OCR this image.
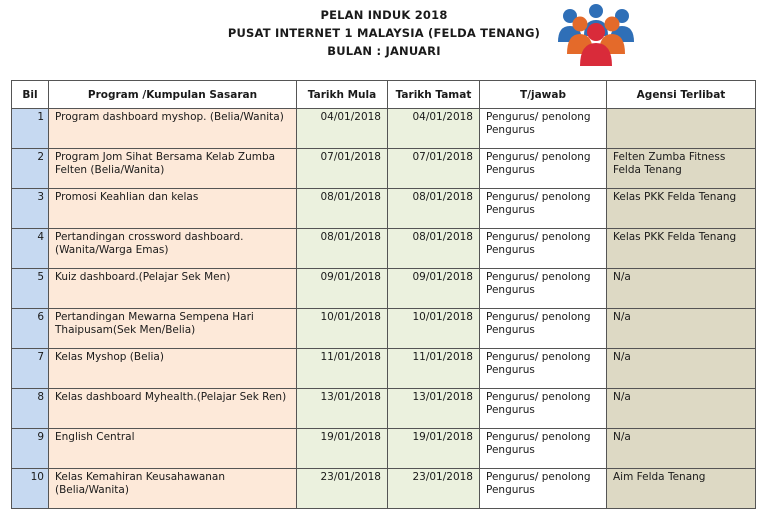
PELAN INDUK 2018
PUSAT INTERNET 1 MALAYSIA (FELDA TENANG)
BULAN : JANUARI
Bil	Program /Kumpulan Sasaran	Tarikh Mula	Tarikh Tamat	T/jawab	Agensi Terlibat
1	Program dashboard myshop. (Belia/Wanita)	04/01/2018	04/01/2018	Pengurus/ penolong Pengurus	
2	Program Jom Sihat Bersama Kelab Zumba Felten (Belia/Wanita)	07/01/2018	07/01/2018	Pengurus/ penolong Pengurus	Felten Zumba Fitness Felda Tenang
3	Promosi Keahlian dan kelas	08/01/2018	08/01/2018	Pengurus/ penolong Pengurus	Kelas PKK Felda Tenang
4	Pertandingan crossword dashboard.(Wanita/Warga Emas)	08/01/2018	08/01/2018	Pengurus/ penolong Pengurus	Kelas PKK Felda Tenang
5	Kuiz dashboard.(Pelajar Sek Men)	09/01/2018	09/01/2018	Pengurus/ penolong Pengurus	N/a
6	Pertandingan Mewarna Sempena Hari Thaipusam(Sek Men/Belia)	10/01/2018	10/01/2018	Pengurus/ penolong Pengurus	N/a
7	Kelas Myshop (Belia)	11/01/2018	11/01/2018	Pengurus/ penolong Pengurus	N/a
8	Kelas dashboard Myhealth.(Pelajar Sek Ren)	13/01/2018	13/01/2018	Pengurus/ penolong Pengurus	N/a
9	English Central	19/01/2018	19/01/2018	Pengurus/ penolong Pengurus	N/a
10	Kelas Kemahiran Keusahawanan (Belia/Wanita)	23/01/2018	23/01/2018	Pengurus/ penolong Pengurus	Aim Felda Tenang
